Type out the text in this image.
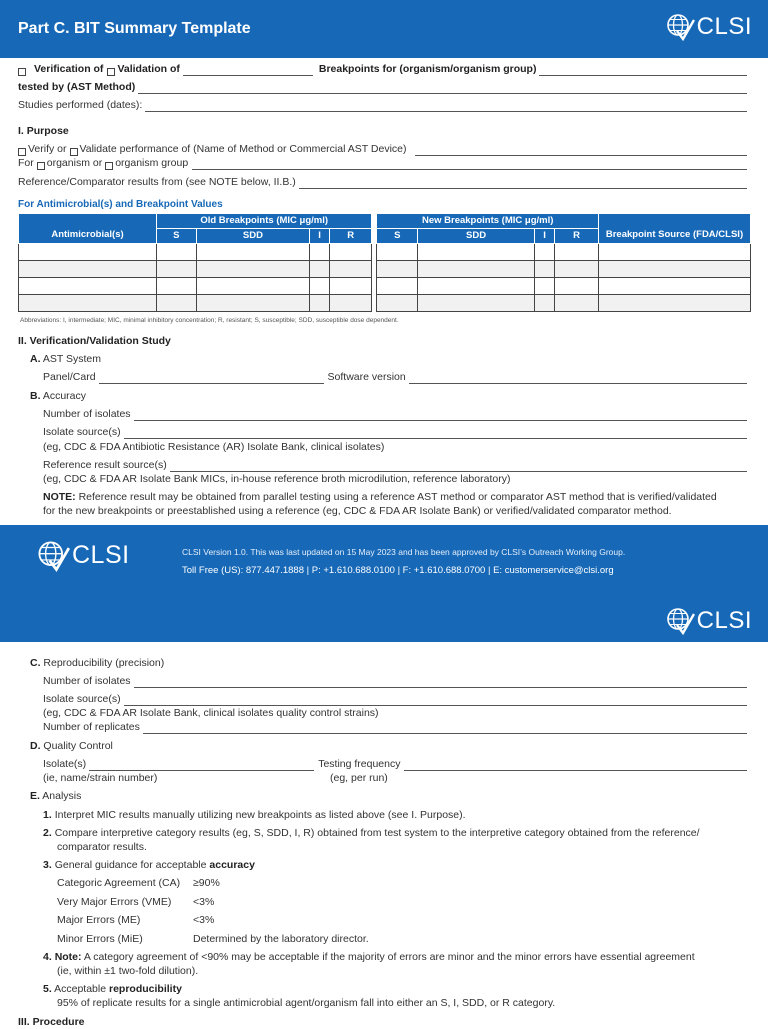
Part C. BIT Summary Template	CLSI
Verification of Validation of	Breakpoints for (organism/organism group)
tested by (AST Method)
Studies performed (dates):
I. Purpose
Verify or Validate performance of (Name of Method or Commercial AST Device)
For organism or organism group
Reference/Comparator results from (see NOTE below, II.B.)
For Antimicrobial(s) and Breakpoint Values
Antimicrobial(s)	Old Breakpoints (MIC μg/ml)					New Breakpoints (MIC μg/ml)				Breakpoint Source (FDA/CLSI)
	S	SDD	I	R		S	SDD	I	R	

Abbreviations: I, intermediate; MIC, minimal inhibitory concentration; R, resistant; S, susceptible; SDD, susceptible dose dependent.
II. Verification/Validation Study
A. AST System
Panel/Card	Software version
B. Accuracy
Number of isolates
Isolate source(s)
(eg, CDC & FDA Antibiotic Resistance (AR) Isolate Bank, clinical isolates)
Reference result source(s)
(eg, CDC & FDA AR Isolate Bank MICs, in-house reference broth microdilution, reference laboratory)
NOTE: Reference result may be obtained from parallel testing using a reference AST method or comparator AST method that is verified/validated
for the new breakpoints or preestablished using a reference (eg, CDC & FDA AR Isolate Bank) or verified/validated comparator method.
CLSI	CLSI Version 1.0. This was last updated on 15 May 2023 and has been approved by CLSI’s Outreach Working Group.
Toll Free (US): 877.447.1888 | P: +1.610.688.0100 | F: +1.610.688.0700 | E: customerservice@clsi.org
CLSI
C. Reproducibility (precision)
Number of isolates
Isolate source(s)
(eg, CDC & FDA AR Isolate Bank, clinical isolates quality control strains)
Number of replicates
D. Quality Control
Isolate(s)	Testing frequency
(ie, name/strain number)	(eg, per run)
E. Analysis
1. Interpret MIC results manually utilizing new breakpoints as listed above (see I. Purpose).
2. Compare interpretive category results (eg, S, SDD, I, R) obtained from test system to the interpretive category obtained from the reference/
comparator results.
3. General guidance for acceptable accuracy
Categoric Agreement (CA) ≥90%
Very Major Errors (VME) <3%
Major Errors (ME)	<3%
Minor Errors (MiE)	Determined by the laboratory director.
4. Note: A category agreement of <90% may be acceptable if the majority of errors are minor and the minor errors have essential agreement
(ie, within ±1 two-fold dilution).
5. Acceptable reproducibility
95% of replicate results for a single antimicrobial agent/organism fall into either an S, I, SDD, or R category.
III. Procedure
